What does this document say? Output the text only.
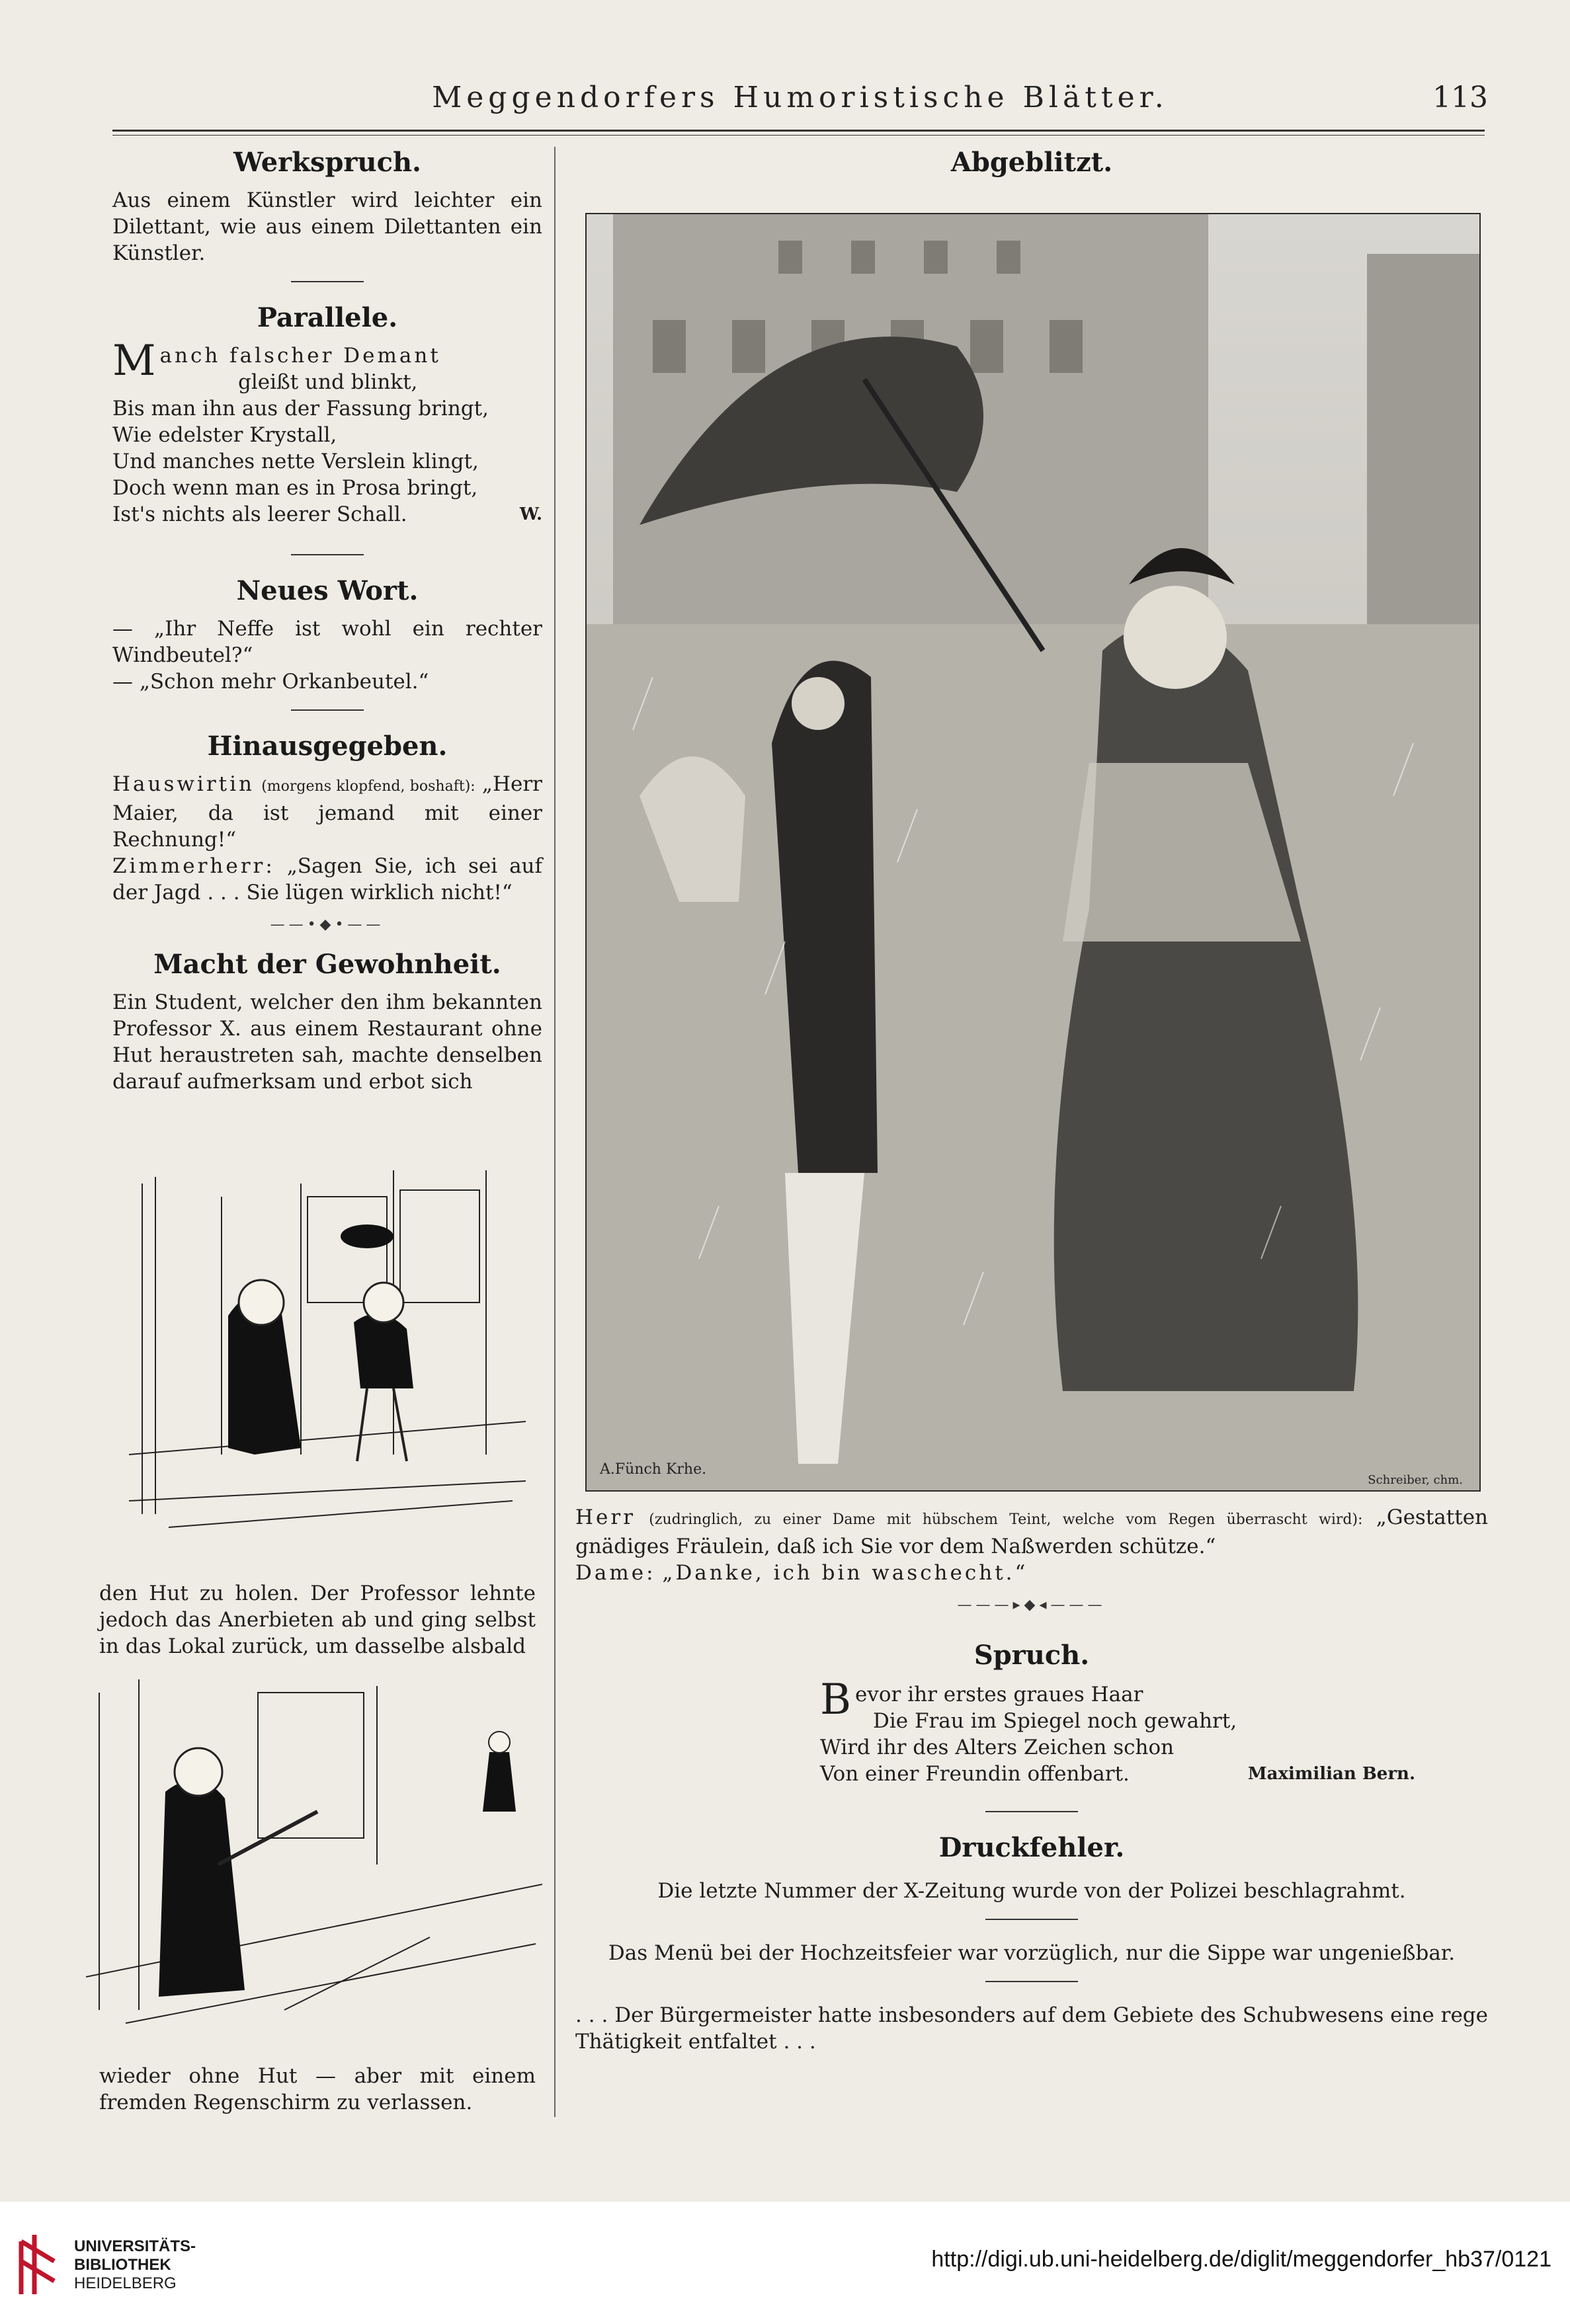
Meggendorfers Humoristische Blätter.	113
Werkspruch.

Aus einem Künstler wird leichter ein Dilettant, wie aus einem Dilettanten ein Künstler.

Parallele.
M anch falscher Demant

gleißt und blinkt,

Bis man ihn aus der Fassung bringt,

Wie edelster Krystall,

Und manches nette Verslein klingt,

Doch wenn man es in Prosa bringt,

Ist's nichts als leerer Schall.	W.

Neues Wort.

— „Ihr Neffe ist wohl ein rechter Windbeutel?“

— „Schon mehr Orkanbeutel.“

Hinausgegeben.

Hauswirtin (morgens klopfend, boshaft): „Herr Maier, da ist jemand mit einer Rechnung!“

Zimmerherr: „Sagen Sie, ich sei auf der Jagd . . . Sie lügen wirklich nicht!“

——•◆•——
Macht der Gewohnheit.

Ein Student, welcher den ihm bekannten Professor X. aus einem Restaurant ohne Hut heraustreten sah, machte denselben darauf aufmerksam und erbot sich

den Hut zu holen. Der Professor lehnte jedoch das Anerbieten ab und ging selbst in das Lokal zurück, um dasselbe alsbald

wieder ohne Hut — aber mit einem fremden Regenschirm zu verlassen.

Abgeblitzt.
A.Fünch Krhe.
Schreiber, chm.

Herr (zudringlich, zu einer Dame mit hübschem Teint, welche vom Regen überrascht wird): „Gestatten gnädiges Fräulein, daß ich Sie vor dem Naßwerden schütze.“

Dame: „Danke, ich bin waschecht.“

———▸◆◂———
Spruch.
B evor ihr erstes graues Haar

Die Frau im Spiegel noch gewahrt,

Wird ihr des Alters Zeichen schon

Von einer Freundin offenbart.	Maximilian Bern.

Druckfehler.

Die letzte Nummer der X-Zeitung wurde von der Polizei beschlagrahmt.

Das Menü bei der Hochzeitsfeier war vorzüglich, nur die Sippe war ungenießbar.

. . . Der Bürgermeister hatte insbesonders auf dem Gebiete des Schubwesens eine rege Thätigkeit entfaltet . . .

UNIVERSITÄTS-
BIBLIOTHEK
HEIDELBERG
http://digi.ub.uni-heidelberg.de/diglit/meggendorfer_hb37/0121
